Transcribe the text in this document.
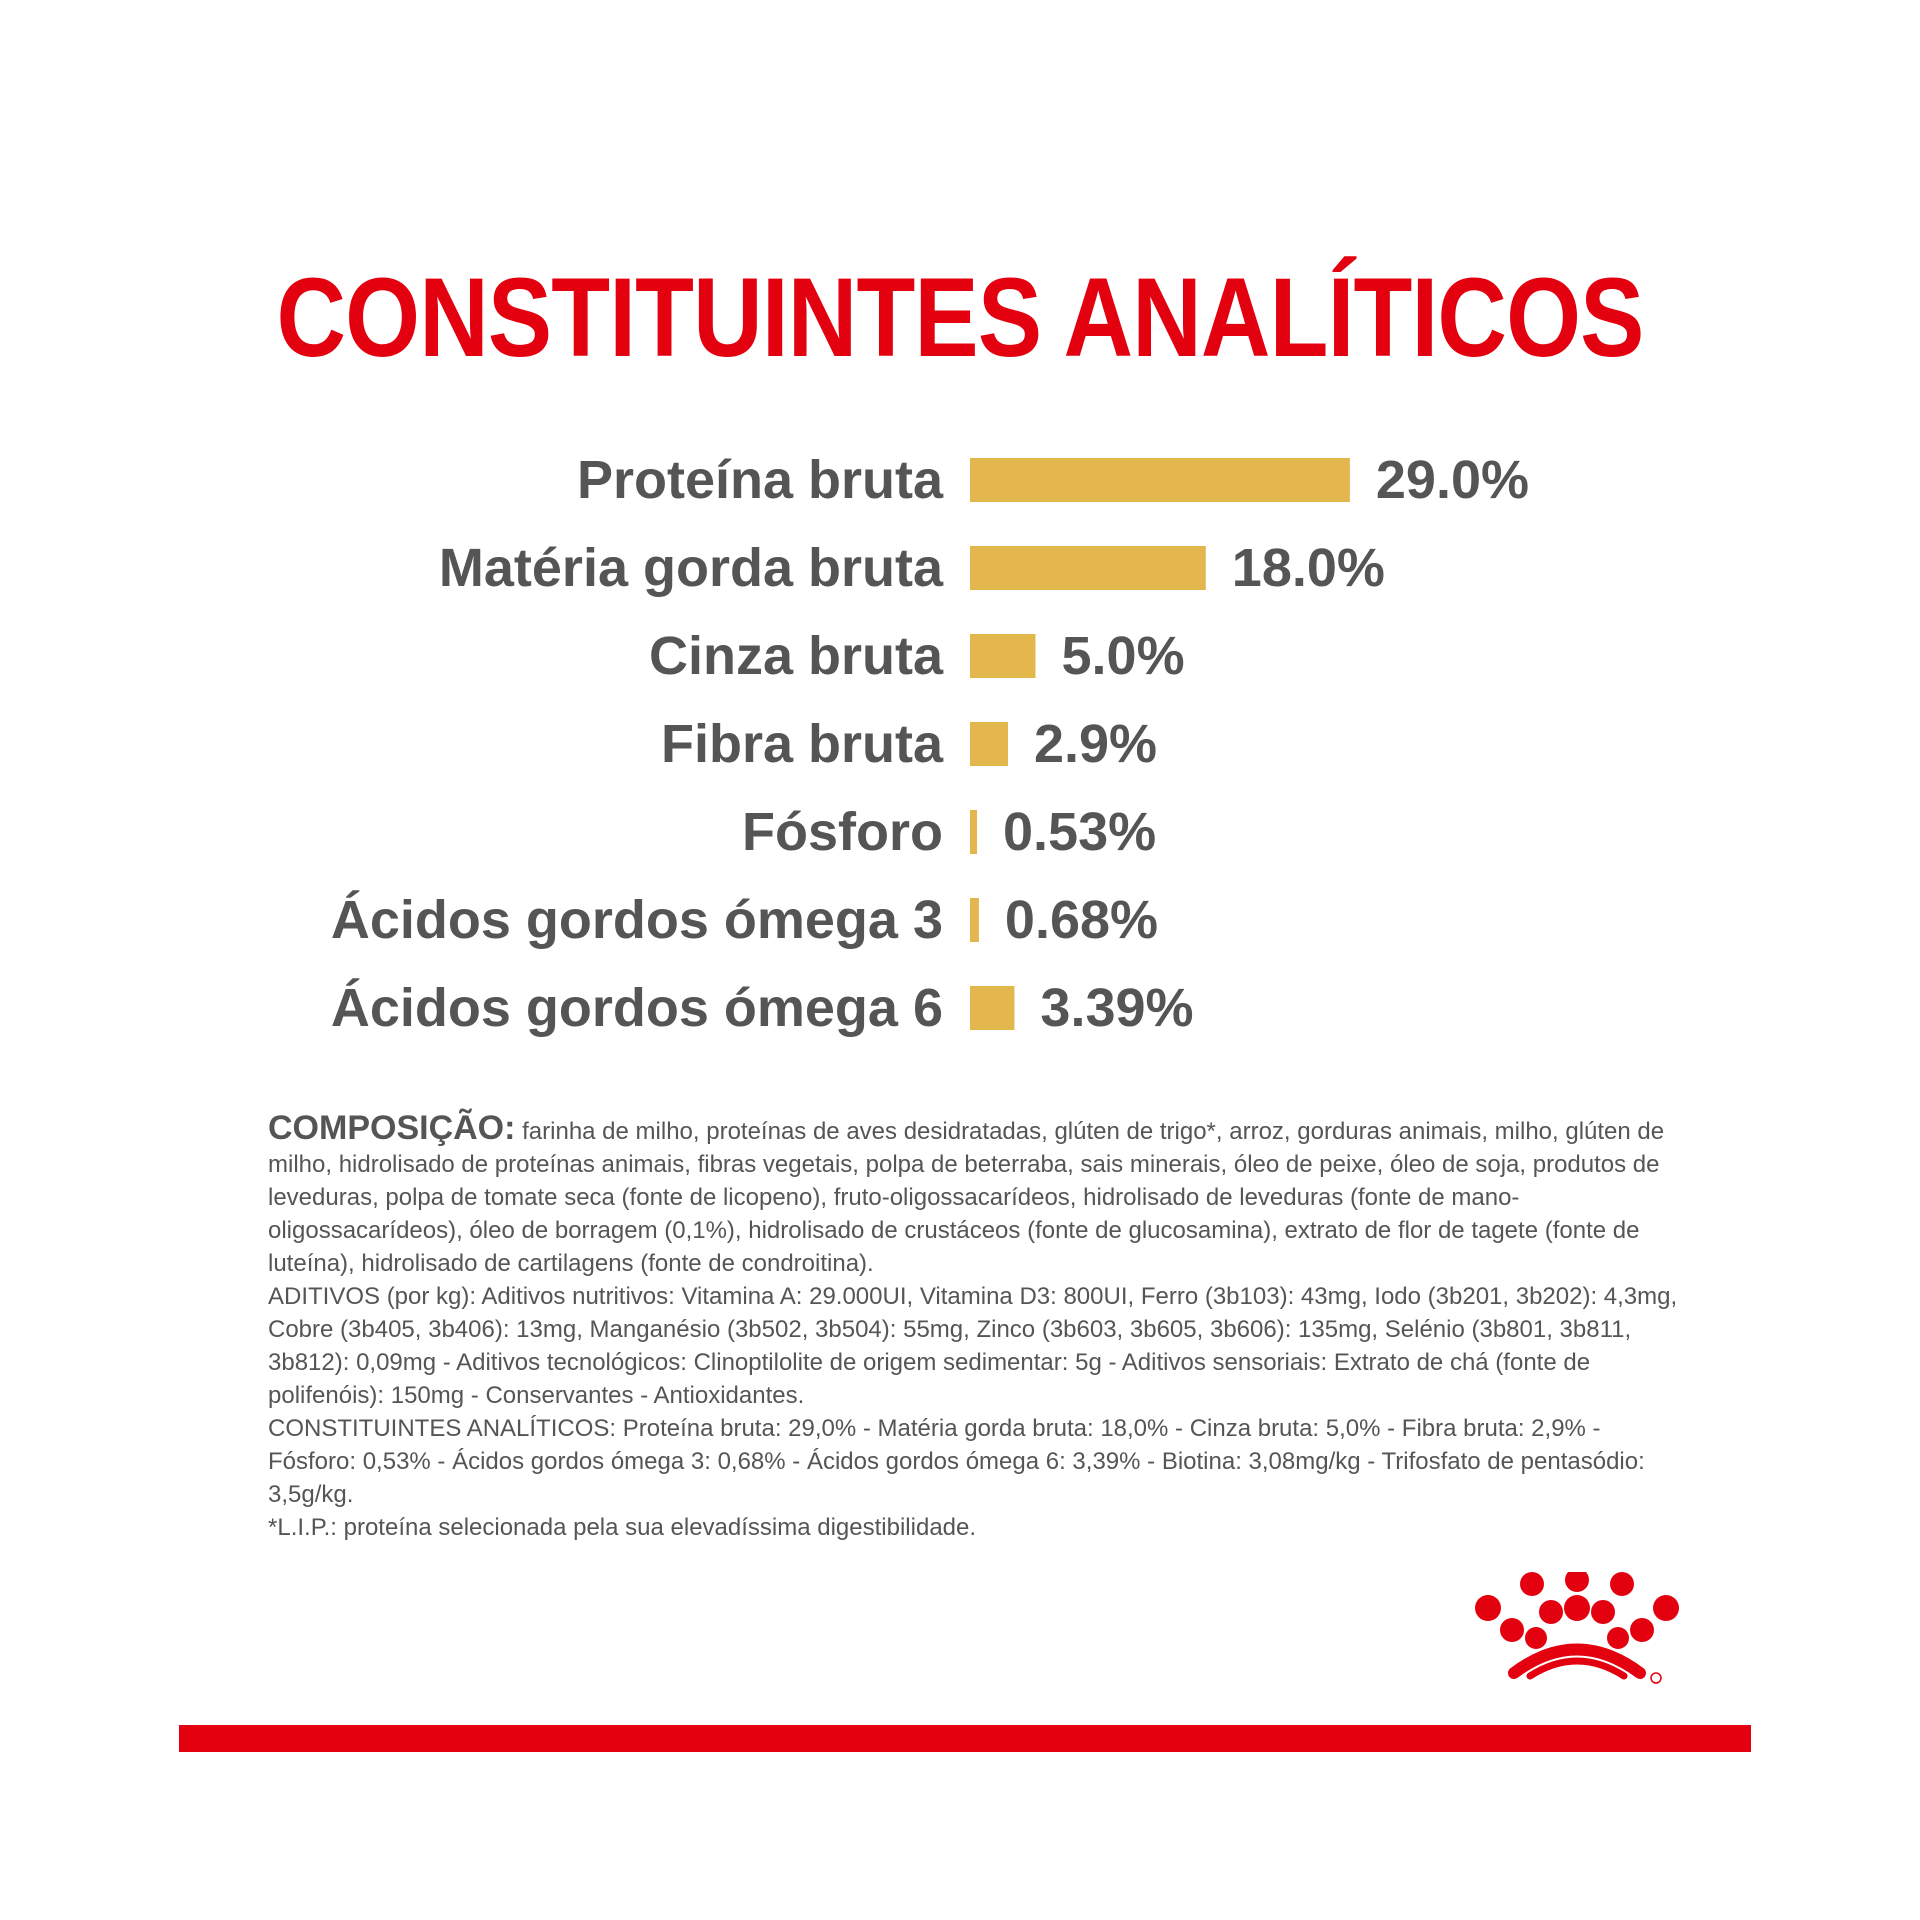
CONSTITUINTES ANALÍTICOS
Proteína bruta	29.0%
Matéria gorda bruta	18.0%
Cinza bruta 5.0%
Fibra bruta 2.9%
Fósforo 0.53%
Ácidos gordos ómega 3 0.68%
Ácidos gordos ómega 6 3.39%

COMPOSIÇÃO: farinha de milho, proteínas de aves desidratadas, glúten de trigo*, arroz, gorduras animais, milho, glúten de milho, hidrolisado de proteínas animais, fibras vegetais, polpa de beterraba, sais minerais, óleo de peixe, óleo de soja, produtos de leveduras, polpa de tomate seca (fonte de licopeno), fruto-oligossacarídeos, hidrolisado de leveduras (fonte de mano-oligossacarídeos), óleo de borragem (0,1%), hidrolisado de crustáceos (fonte de glucosamina), extrato de flor de tagete (fonte de luteína), hidrolisado de cartilagens (fonte de condroitina).

ADITIVOS (por kg): Aditivos nutritivos: Vitamina A: 29.000UI, Vitamina D3: 800UI, Ferro (3b103): 43mg, Iodo (3b201, 3b202): 4,3mg, Cobre (3b405, 3b406): 13mg, Manganésio (3b502, 3b504): 55mg, Zinco (3b603, 3b605, 3b606): 135mg, Selénio (3b801, 3b811, 3b812): 0,09mg - Aditivos tecnológicos: Clinoptilolite de origem sedimentar: 5g - Aditivos sensoriais: Extrato de chá (fonte de polifenóis): 150mg - Conservantes - Antioxidantes.

CONSTITUINTES ANALÍTICOS: Proteína bruta: 29,0% - Matéria gorda bruta: 18,0% - Cinza bruta: 5,0% - Fibra bruta: 2,9% - Fósforo: 0,53% - Ácidos gordos ómega 3: 0,68% - Ácidos gordos ómega 6: 3,39% - Biotina: 3,08mg/kg - Trifosfato de pentasódio: 3,5g/kg.

*L.I.P.: proteína selecionada pela sua elevadíssima digestibilidade.
